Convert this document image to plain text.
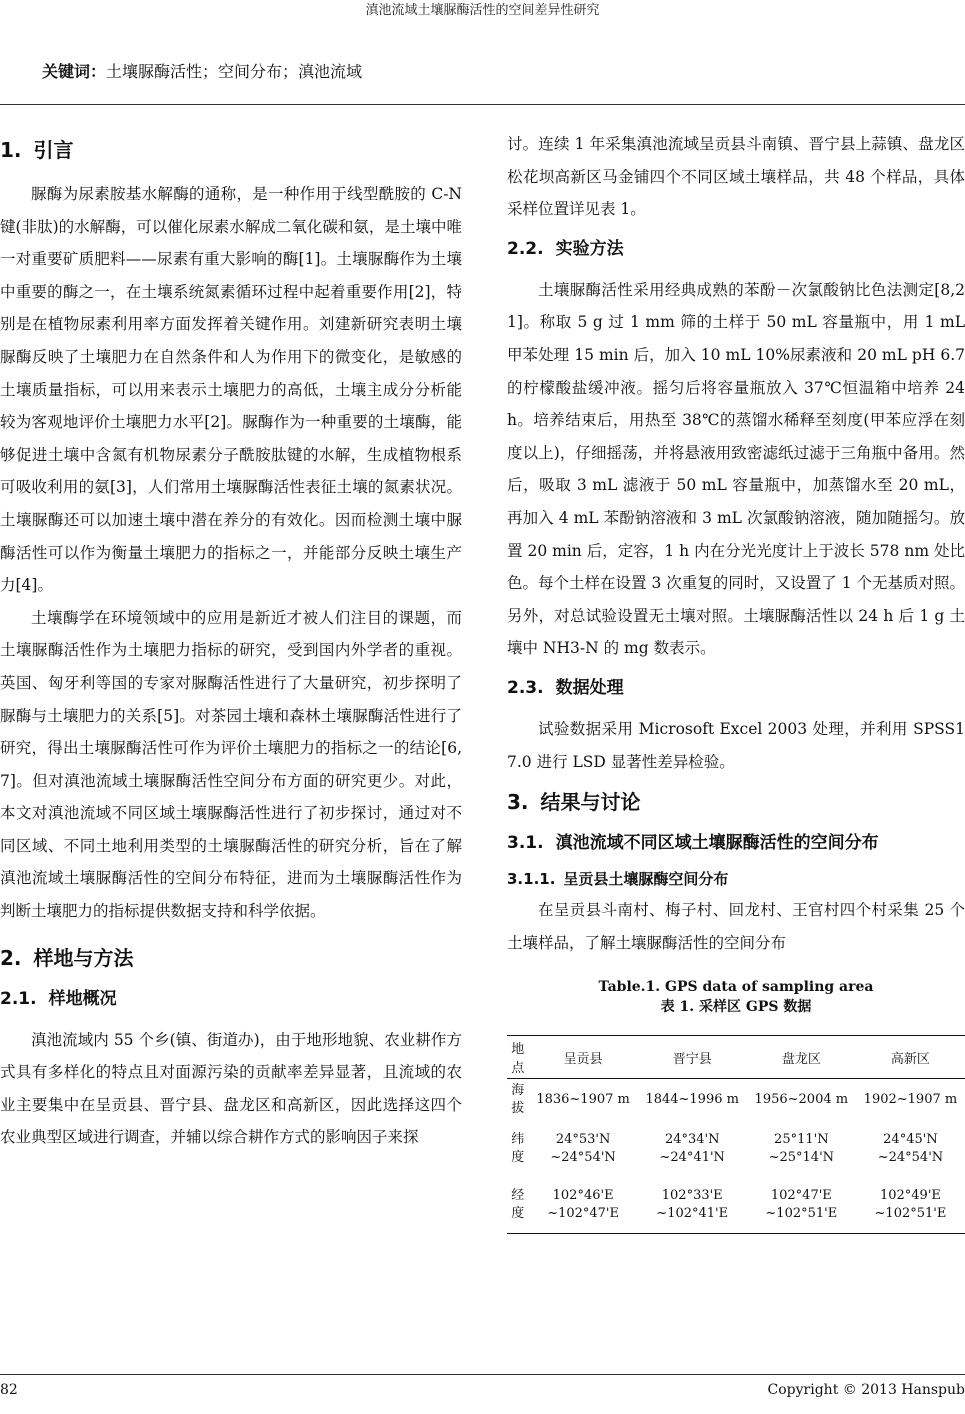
滇池流域土壤脲酶活性的空间差异性研究
关键词：土壤脲酶活性；空间分布；滇池流域
1. 引言

脲酶为尿素胺基水解酶的通称，是一种作用于线型酰胺的 C-N 键(非肽)的水解酶，可以催化尿素水解成二氧化碳和氨，是土壤中唯一对重要矿质肥料——尿素有重大影响的酶[1]。土壤脲酶作为土壤中重要的酶之一，在土壤系统氮素循环过程中起着重要作用[2]，特别是在植物尿素利用率方面发挥着关键作用。刘建新研究表明土壤脲酶反映了土壤肥力在自然条件和人为作用下的微变化，是敏感的土壤质量指标，可以用来表示土壤肥力的高低，土壤主成分分析能较为客观地评价土壤肥力水平[2]。脲酶作为一种重要的土壤酶，能够促进土壤中含氮有机物尿素分子酰胺肽键的水解，生成植物根系可吸收利用的氨[3]，人们常用土壤脲酶活性表征土壤的氮素状况。土壤脲酶还可以加速土壤中潜在养分的有效化。因而检测土壤中脲酶活性可以作为衡量土壤肥力的指标之一，并能部分反映土壤生产力[4]。

土壤酶学在环境领域中的应用是新近才被人们注目的课题，而土壤脲酶活性作为土壤肥力指标的研究，受到国内外学者的重视。英国、匈牙利等国的专家对脲酶活性进行了大量研究，初步探明了脲酶与土壤肥力的关系[5]。对茶园土壤和森林土壤脲酶活性进行了研究，得出土壤脲酶活性可作为评价土壤肥力的指标之一的结论[6,7]。但对滇池流域土壤脲酶活性空间分布方面的研究更少。对此，本文对滇池流域不同区域土壤脲酶活性进行了初步探讨，通过对不同区域、不同土地利用类型的土壤脲酶活性的研究分析，旨在了解滇池流域土壤脲酶活性的空间分布特征，进而为土壤脲酶活性作为判断土壤肥力的指标提供数据支持和科学依据。

2. 样地与方法
2.1. 样地概况

滇池流域内 55 个乡(镇、街道办)，由于地形地貌、农业耕作方式具有多样化的特点且对面源污染的贡献率差异显著，且流域的农业主要集中在呈贡县、晋宁县、盘龙区和高新区，因此选择这四个农业典型区域进行调查，并辅以综合耕作方式的影响因子来探

讨。连续 1 年采集滇池流域呈贡县斗南镇、晋宁县上蒜镇、盘龙区松花坝高新区马金铺四个不同区域土壤样品，共 48 个样品，具体采样位置详见表 1。

2.2. 实验方法

土壤脲酶活性采用经典成熟的苯酚－次氯酸钠比色法测定[8,21]。称取 5 g 过 1 mm 筛的土样于 50 mL 容量瓶中，用 1 mL 甲苯处理 15 min 后，加入 10 mL 10%尿素液和 20 mL pH 6.7 的柠檬酸盐缓冲液。摇匀后将容量瓶放入 37℃恒温箱中培养 24 h。培养结束后，用热至 38℃的蒸馏水稀释至刻度(甲苯应浮在刻度以上)，仔细摇荡，并将悬液用致密滤纸过滤于三角瓶中备用。然后，吸取 3 mL 滤液于 50 mL 容量瓶中，加蒸馏水至 20 mL，再加入 4 mL 苯酚钠溶液和 3 mL 次氯酸钠溶液，随加随摇匀。放置 20 min 后，定容，1 h 内在分光光度计上于波长 578 nm 处比色。每个土样在设置 3 次重复的同时，又设置了 1 个无基质对照。另外，对总试验设置无土壤对照。土壤脲酶活性以 24 h 后 1 g 土壤中 NH3-N 的 mg 数表示。

2.3. 数据处理

试验数据采用 Microsoft Excel 2003 处理，并利用 SPSS17.0 进行 LSD 显著性差异检验。

3. 结果与讨论
3.1. 滇池流域不同区域土壤脲酶活性的空间分布
3.1.1. 呈贡县土壤脲酶空间分布

在呈贡县斗南村、梅子村、回龙村、王官村四个村采集 25 个土壤样品，了解土壤脲酶活性的空间分布

Table.1. GPS data of sampling area
表 1. 采样区 GPS 数据
地点	呈贡县	晋宁县	盘龙区	高新区
海拔	1836~1907 m	1844~1996 m	1956~2004 m	1902~1907 m
纬度	24°53'N ~24°54'N	24°34'N ~24°41'N	25°11'N ~25°14'N	24°45'N ~24°54'N
经度	102°46'E ~102°47'E	102°33'E ~102°41'E	102°47'E ~102°51'E	102°49'E ~102°51'E
82	Copyright © 2013 Hanspub
